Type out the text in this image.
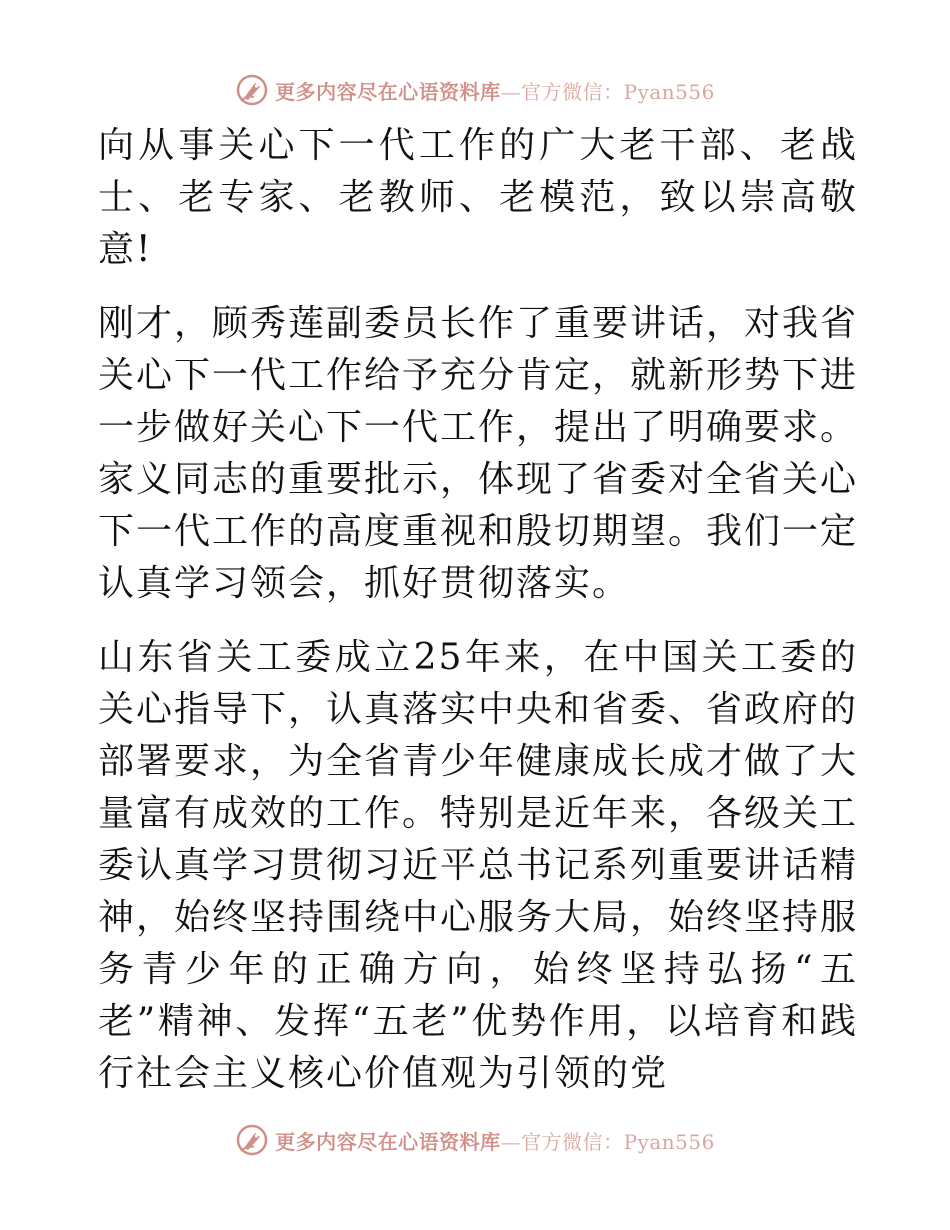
更多内容尽在心语资料库—官方微信：Pyan556

向从事关心下一代工作的广大老干部、老战士、老专家、老教师、老模范，致以崇高敬意!

刚才，顾秀莲副委员长作了重要讲话，对我省关心下一代工作给予充分肯定，就新形势下进一步做好关心下一代工作，提出了明确要求。家义同志的重要批示，体现了省委对全省关心下一代工作的高度重视和殷切期望。我们一定认真学习领会，抓好贯彻落实。

山东省关工委成立25年来，在中国关工委的关心指导下，认真落实中央和省委、省政府的部署要求，为全省青少年健康成长成才做了大量富有成效的工作。特别是近年来，各级关工委认真学习贯彻习近平总书记系列重要讲话精神，始终坚持围绕中心服务大局，始终坚持服务青少年的正确方向，始终坚持弘扬“五老”精神、发挥“五老”优势作用，以培育和践行社会主义核心价值观为引领的党

更多内容尽在心语资料库—官方微信：Pyan556
